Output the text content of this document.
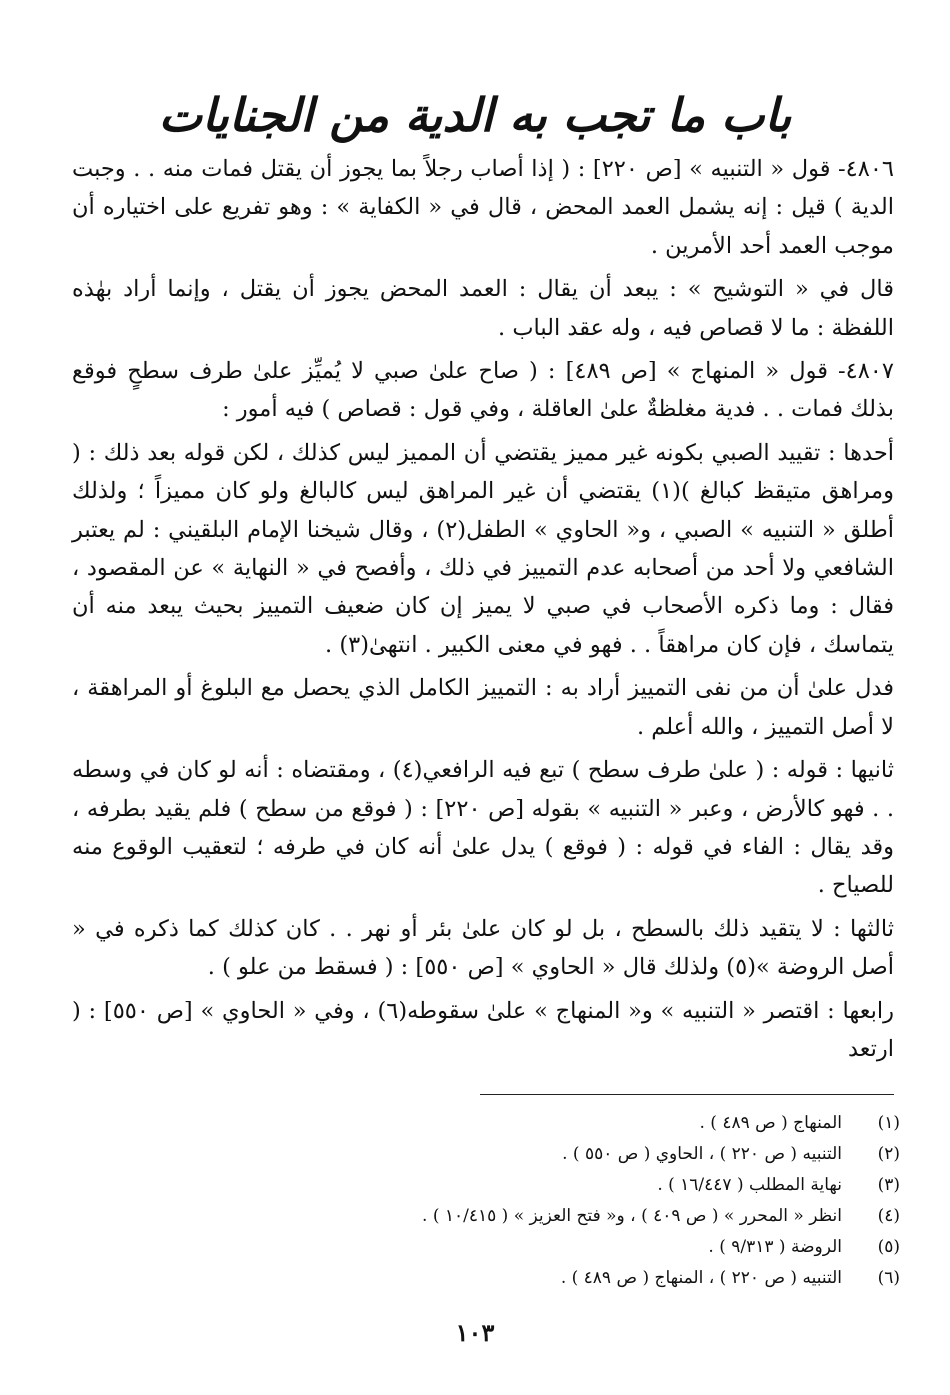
باب ما تجب به الدية من الجنايات

٤٨٠٦- قول « التنبيه » [ص ٢٢٠] : ( إذا أصاب رجلاً بما يجوز أن يقتل فمات منه . . وجبت الدية ) قيل : إنه يشمل العمد المحض ، قال في « الكفاية » : وهو تفريع على اختياره أن موجب العمد أحد الأمرين .

قال في « التوشيح » : يبعد أن يقال : العمد المحض يجوز أن يقتل ، وإنما أراد بهٰذه اللفظة : ما لا قصاص فيه ، وله عقد الباب .

٤٨٠٧- قول « المنهاج » [ص ٤٨٩] : ( صاح علىٰ صبي لا يُميِّز علىٰ طرف سطحٍ فوقع بذلك فمات . . فدية مغلظةٌ علىٰ العاقلة ، وفي قول : قصاص ) فيه أمور :

أحدها : تقييد الصبي بكونه غير مميز يقتضي أن المميز ليس كذلك ، لكن قوله بعد ذلك : ( ومراهق متيقظ كبالغ )(١) يقتضي أن غير المراهق ليس كالبالغ ولو كان مميزاً ؛ ولذلك أطلق « التنبيه » الصبي ، و« الحاوي » الطفل(٢) ، وقال شيخنا الإمام البلقيني : لم يعتبر الشافعي ولا أحد من أصحابه عدم التمييز في ذلك ، وأفصح في « النهاية » عن المقصود ، فقال : وما ذكره الأصحاب في صبي لا يميز إن كان ضعيف التمييز بحيث يبعد منه أن يتماسك ، فإن كان مراهقاً . . فهو في معنى الكبير . انتهىٰ(٣) .

فدل علىٰ أن من نفى التمييز أراد به : التمييز الكامل الذي يحصل مع البلوغ أو المراهقة ، لا أصل التمييز ، والله أعلم .

ثانيها : قوله : ( علىٰ طرف سطح ) تبع فيه الرافعي(٤) ، ومقتضاه : أنه لو كان في وسطه . . فهو كالأرض ، وعبر « التنبيه » بقوله [ص ٢٢٠] : ( فوقع من سطح ) فلم يقيد بطرفه ، وقد يقال : الفاء في قوله : ( فوقع ) يدل علىٰ أنه كان في طرفه ؛ لتعقيب الوقوع منه للصياح .

ثالثها : لا يتقيد ذلك بالسطح ، بل لو كان علىٰ بئر أو نهر . . كان كذلك كما ذكره في « أصل الروضة »(٥) ولذلك قال « الحاوي » [ص ٥٥٠] : ( فسقط من علو ) .

رابعها : اقتصر « التنبيه » و« المنهاج » علىٰ سقوطه(٦) ، وفي « الحاوي » [ص ٥٥٠] : ( ارتعد

(١)
المنهاج ( ص ٤٨٩ ) .
(٢)
التنبيه ( ص ٢٢٠ ) ، الحاوي ( ص ٥٥٠ ) .
(٣)
نهاية المطلب ( ١٦/٤٤٧ ) .
(٤)
انظر « المحرر » ( ص ٤٠٩ ) ، و« فتح العزيز » ( ١٠/٤١٥ ) .
(٥)
الروضة ( ٩/٣١٣ ) .
(٦)
التنبيه ( ص ٢٢٠ ) ، المنهاج ( ص ٤٨٩ ) .
١٠٣
